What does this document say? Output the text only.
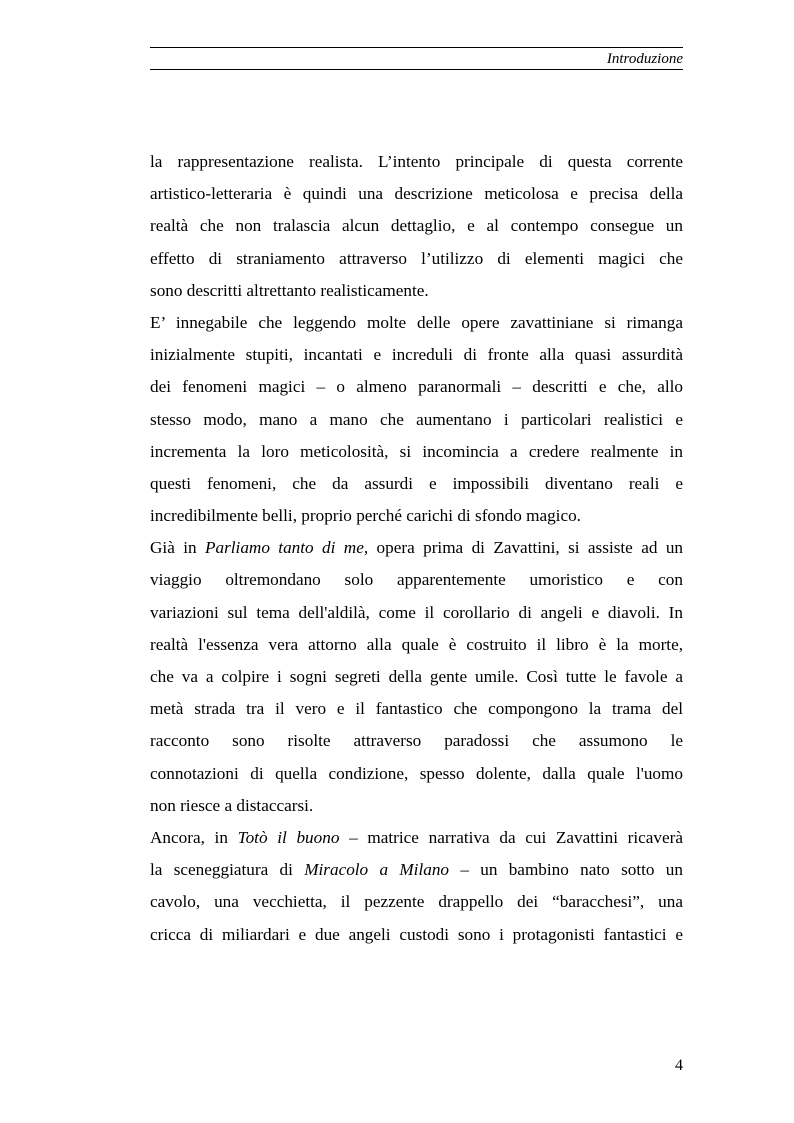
Introduzione
la rappresentazione realista. L’intento principale di questa corrente
artistico-letteraria è quindi una descrizione meticolosa e precisa della
realtà che non tralascia alcun dettaglio, e al contempo consegue un
effetto di straniamento attraverso l’utilizzo di elementi magici che
sono descritti altrettanto realisticamente.
E’ innegabile che leggendo molte delle opere zavattiniane si rimanga
inizialmente stupiti, incantati e increduli di fronte alla quasi assurdità
dei fenomeni magici – o almeno paranormali – descritti e che, allo
stesso modo, mano a mano che aumentano i particolari realistici e
incrementa la loro meticolosità, si incomincia a credere realmente in
questi fenomeni, che da assurdi e impossibili diventano reali e
incredibilmente belli, proprio perché carichi di sfondo magico.
Già in Parliamo tanto di me, opera prima di Zavattini, si assiste ad un
viaggio oltremondano solo apparentemente umoristico e con
variazioni sul tema dell'aldilà, come il corollario di angeli e diavoli. In
realtà l'essenza vera attorno alla quale è costruito il libro è la morte,
che va a colpire i sogni segreti della gente umile. Così tutte le favole a
metà strada tra il vero e il fantastico che compongono la trama del
racconto sono risolte attraverso paradossi che assumono le
connotazioni di quella condizione, spesso dolente, dalla quale l'uomo
non riesce a distaccarsi.
Ancora, in Totò il buono – matrice narrativa da cui Zavattini ricaverà
la sceneggiatura di Miracolo a Milano – un bambino nato sotto un
cavolo, una vecchietta, il pezzente drappello dei “baracchesi”, una
cricca di miliardari e due angeli custodi sono i protagonisti fantastici e
4
